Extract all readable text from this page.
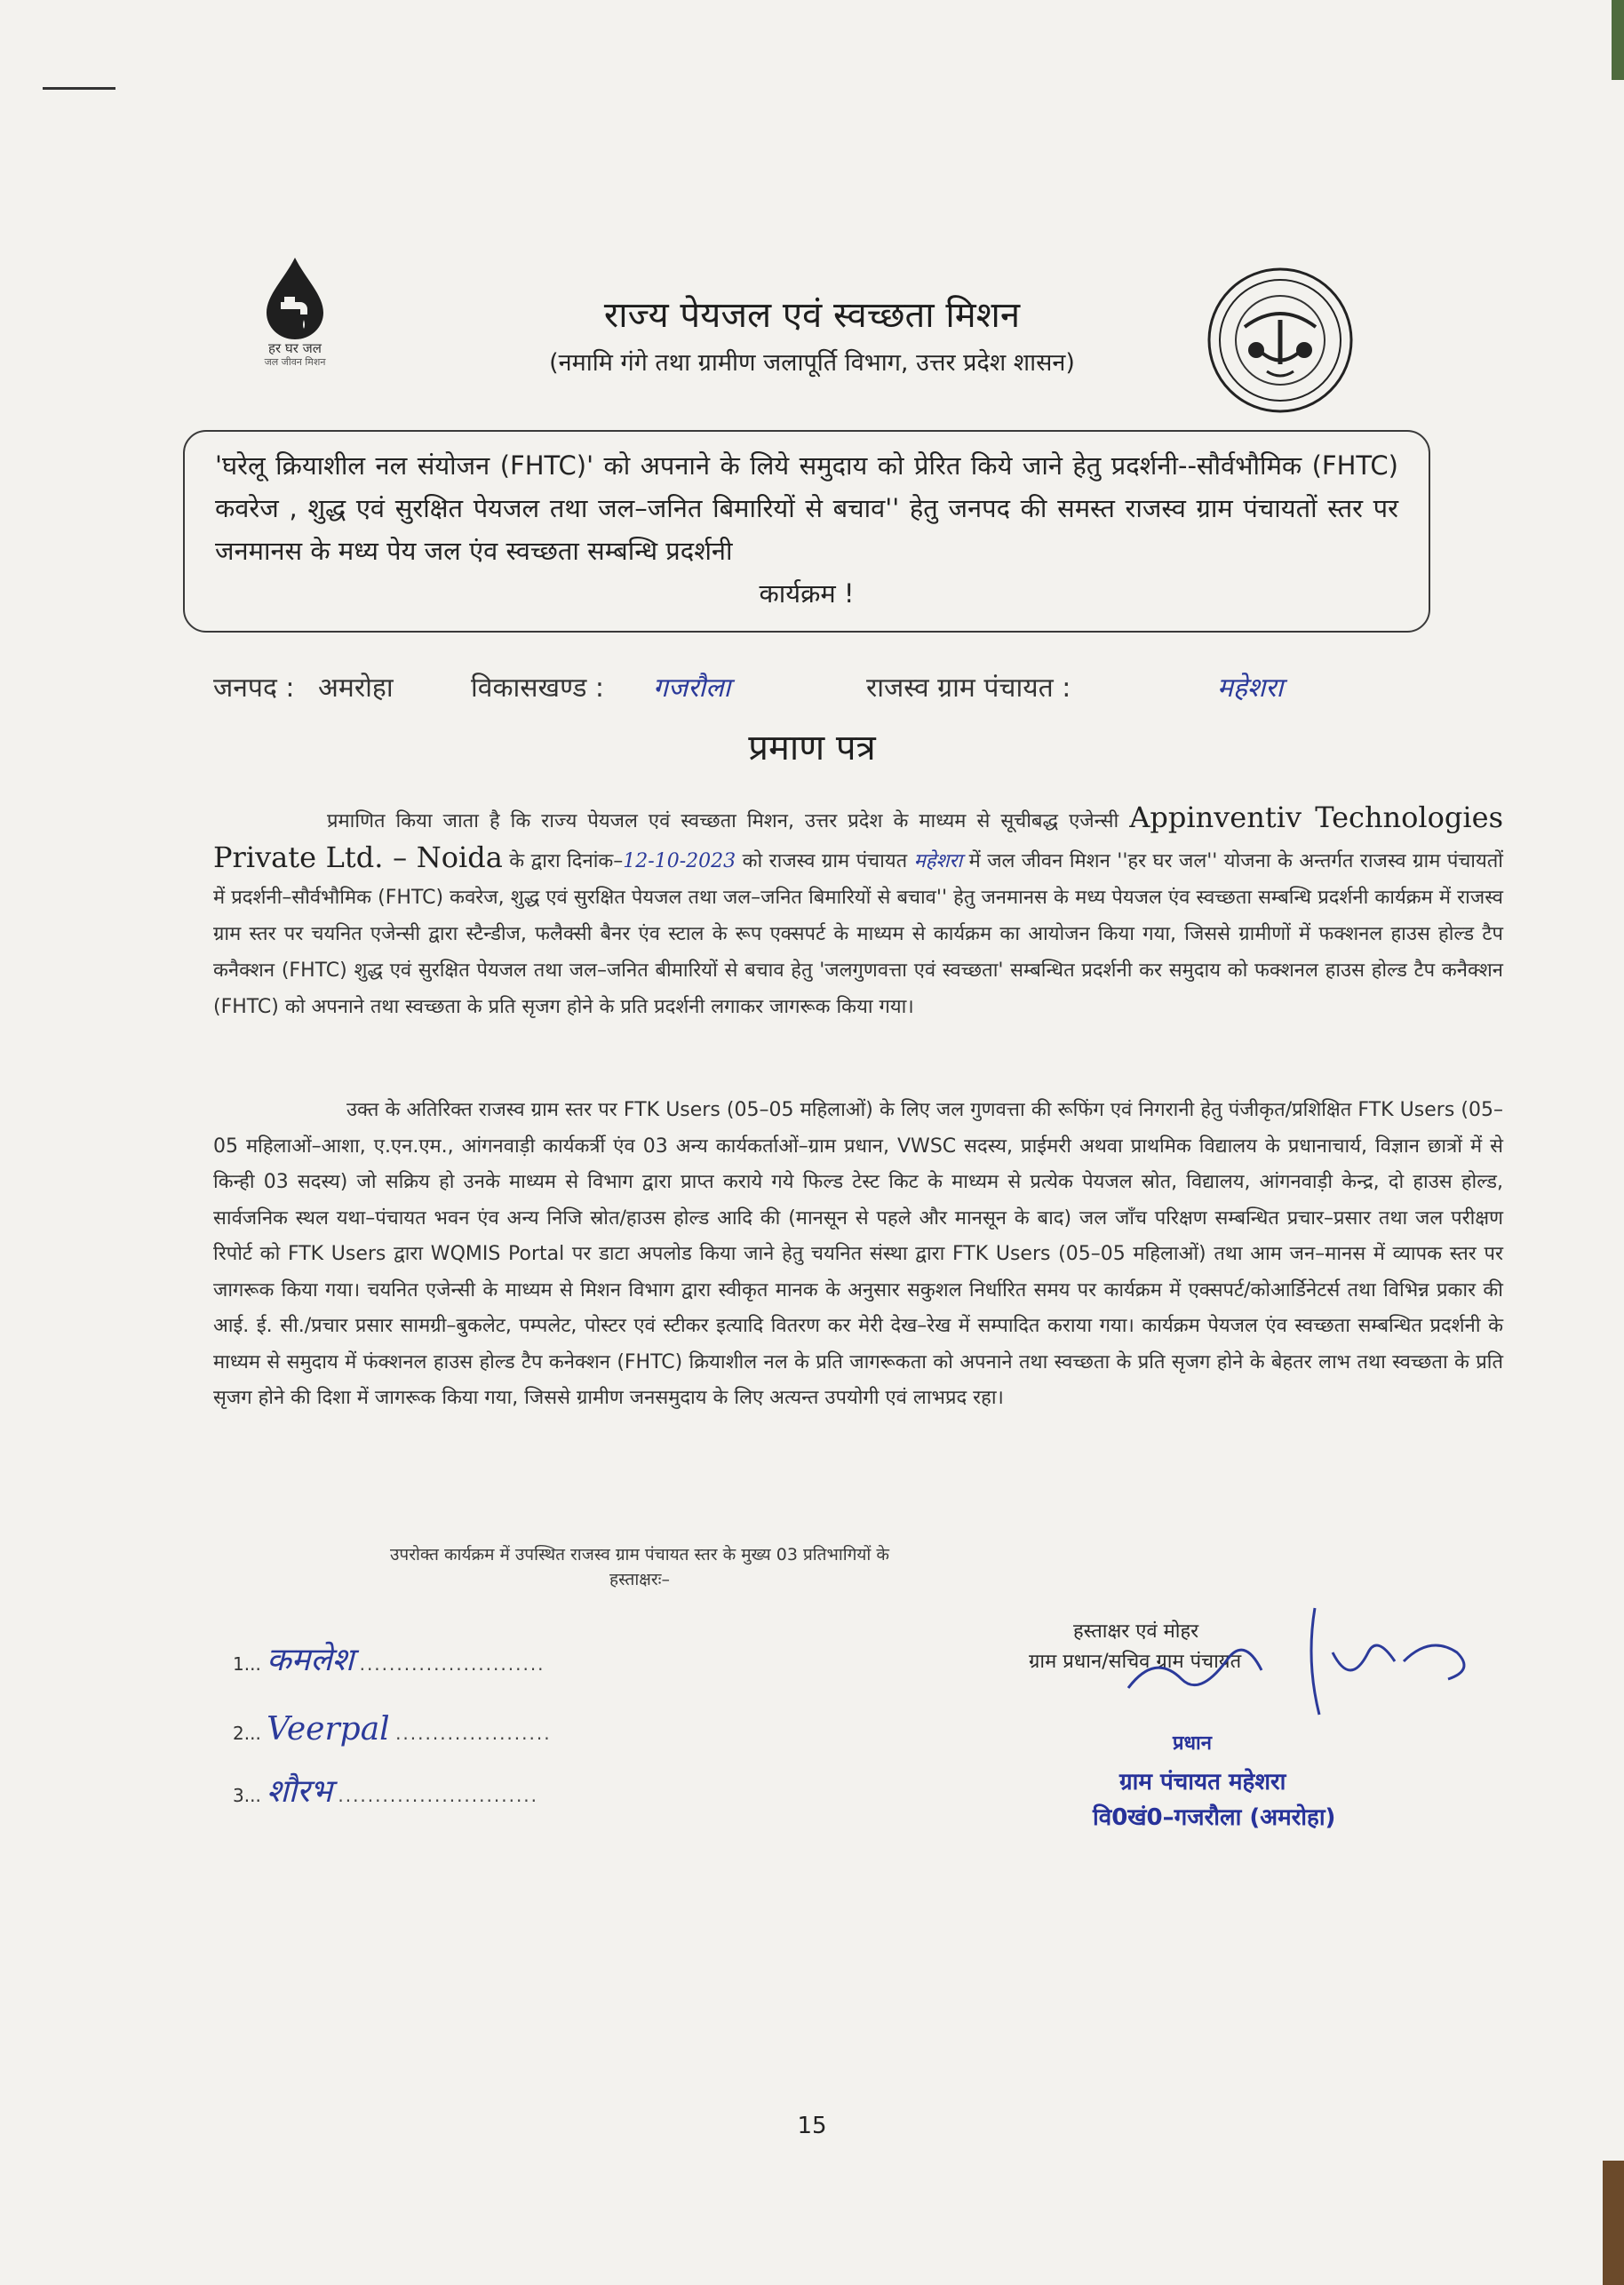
हर घर जल
जल जीवन मिशन
राज्य पेयजल एवं स्वच्छता मिशन
(नमामि गंगे तथा ग्रामीण जलापूर्ति विभाग, उत्तर प्रदेश शासन)
'घरेलू क्रियाशील नल संयोजन (FHTC)' को अपनाने के लिये समुदाय को प्रेरित किये जाने हेतु प्रदर्शनी--सौर्वभौमिक (FHTC) कवरेज , शुद्ध एवं सुरक्षित पेयजल तथा जल–जनित बिमारियों से बचाव'' हेतु जनपद की समस्त राजस्व ग्राम पंचायतों स्तर पर जनमानस के मध्य पेय जल एंव स्वच्छता सम्बन्धि प्रदर्शनी
कार्यक्रम !
जनपद : अमरोहा	विकासखण्ड : गजरौला	राजस्व ग्राम पंचायत :	महेशरा
प्रमाण पत्र
प्रमाणित किया जाता है कि राज्य पेयजल एवं स्वच्छता मिशन, उत्तर प्रदेश के माध्यम से सूचीबद्ध एजेन्सी Appinventiv Technologies Private Ltd. – Noida के द्वारा दिनांक–12-10-2023 को राजस्व ग्राम पंचायत महेशरा में जल जीवन मिशन ''हर घर जल'' योजना के अन्तर्गत राजस्व ग्राम पंचायतों में प्रदर्शनी–सौर्वभौमिक (FHTC) कवरेज, शुद्ध एवं सुरक्षित पेयजल तथा जल–जनित बिमारियों से बचाव'' हेतु जनमानस के मध्य पेयजल एंव स्वच्छता सम्बन्धि प्रदर्शनी कार्यक्रम में राजस्व ग्राम स्तर पर चयनित एजेन्सी द्वारा स्टैन्डीज, फलैक्सी बैनर एंव स्टाल के रूप एक्सपर्ट के माध्यम से कार्यक्रम का आयोजन किया गया, जिससे ग्रामीणों में फक्शनल हाउस होल्ड टैप कनैक्शन (FHTC) शुद्ध एवं सुरक्षित पेयजल तथा जल–जनित बीमारियों से बचाव हेतु 'जलगुणवत्ता एवं स्वच्छता' सम्बन्धित प्रदर्शनी कर समुदाय को फक्शनल हाउस होल्ड टैप कनैक्शन (FHTC) को अपनाने तथा स्वच्छता के प्रति सृजग होने के प्रति प्रदर्शनी लगाकर जागरूक किया गया।
उक्त के अतिरिक्त राजस्व ग्राम स्तर पर FTK Users (05–05 महिलाओं) के लिए जल गुणवत्ता की रूफिंग एवं निगरानी हेतु पंजीकृत/प्रशिक्षित FTK Users (05–05 महिलाओं–आशा, ए.एन.एम., आंगनवाड़ी कार्यकर्त्री एंव 03 अन्य कार्यकर्ताओं–ग्राम प्रधान, VWSC सदस्य, प्राईमरी अथवा प्राथमिक विद्यालय के प्रधानाचार्य, विज्ञान छात्रों में से किन्ही 03 सदस्य) जो सक्रिय हो उनके माध्यम से विभाग द्वारा प्राप्त कराये गये फिल्ड टेस्ट किट के माध्यम से प्रत्येक पेयजल स्रोत, विद्यालय, आंगनवाड़ी केन्द्र, दो हाउस होल्ड, सार्वजनिक स्थल यथा–पंचायत भवन एंव अन्य निजि स्रोत/हाउस होल्ड आदि की (मानसून से पहले और मानसून के बाद) जल जाँच परिक्षण सम्बन्धित प्रचार–प्रसार तथा जल परीक्षण रिपोर्ट को FTK Users द्वारा WQMIS Portal पर डाटा अपलोड किया जाने हेतु चयनित संस्था द्वारा FTK Users (05–05 महिलाओं) तथा आम जन–मानस में व्यापक स्तर पर जागरूक किया गया। चयनित एजेन्सी के माध्यम से मिशन विभाग द्वारा स्वीकृत मानक के अनुसार सकुशल निर्धारित समय पर कार्यक्रम में एक्सपर्ट/कोआर्डिनेटर्स तथा विभिन्न प्रकार की आई. ई. सी./प्रचार प्रसार सामग्री–बुकलेट, पम्पलेट, पोस्टर एवं स्टीकर इत्यादि वितरण कर मेरी देख–रेख में सम्पादित कराया गया। कार्यक्रम पेयजल एंव स्वच्छता सम्बन्धित प्रदर्शनी के माध्यम से समुदाय में फंक्शनल हाउस होल्ड टैप कनेक्शन (FHTC) क्रियाशील नल के प्रति जागरूकता को अपनाने तथा स्वच्छता के प्रति सृजग होने के बेहतर लाभ तथा स्वच्छता के प्रति सृजग होने की दिशा में जागरूक किया गया, जिससे ग्रामीण जनसमुदाय के लिए अत्यन्त उपयोगी एवं लाभप्रद रहा।
उपरोक्त कार्यक्रम में उपस्थित राजस्व ग्राम पंचायत स्तर के मुख्य 03 प्रतिभागियों के
हस्ताक्षरः–
1... कमलेश .........................
2... Veerpal .....................
3... शौरभ ...........................
हस्ताक्षर एवं मोहर
ग्राम प्रधान/सचिव ग्राम पंचायत
प्रधान
ग्राम पंचायत महेशरा
वि0खं0–गजरौला (अमरोहा)
15
